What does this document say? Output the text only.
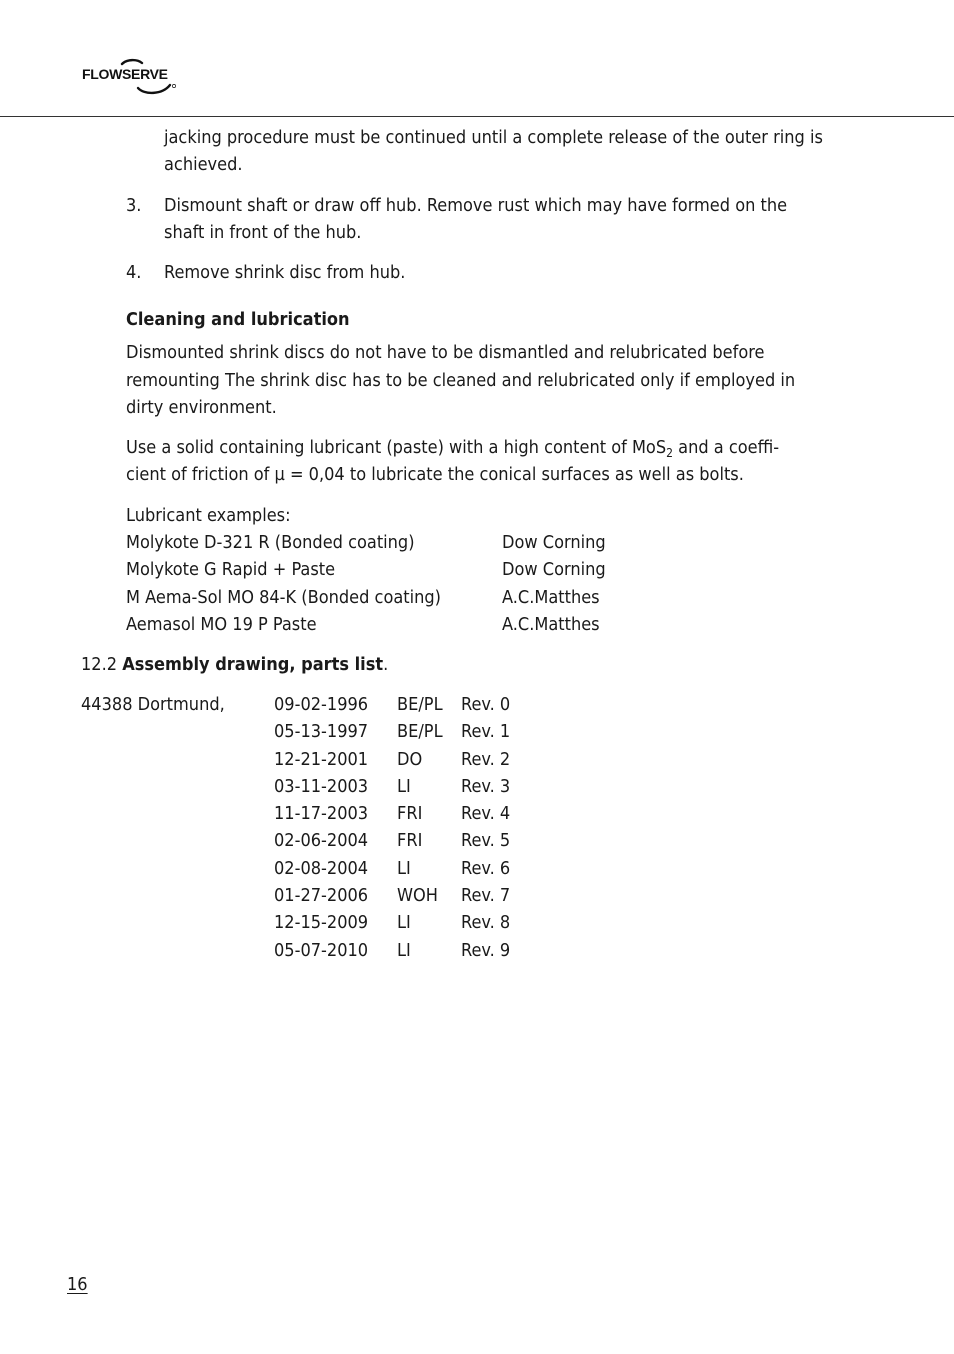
FLOWSERVE
jacking procedure must be continued until a complete release of the outer ring is
achieved.
3. Dismount shaft or draw off hub. Remove rust which may have formed on the
shaft in front of the hub.
4. Remove shrink disc from hub.
Cleaning and lubrication
Dismounted shrink discs do not have to be dismantled and relubricated before
remounting The shrink disc has to be cleaned and relubricated only if employed in
dirty environment.
Use a solid containing lubricant (paste) with a high content of MoS$_2$ and a coeffi-
cient of friction of µ = 0,04 to lubricate the conical surfaces as well as bolts.
Lubricant examples:
Molykote D-321 R (Bonded coating)
Molykote G Rapid + Paste
M Aema-Sol MO 84-K (Bonded coating)
Aemasol MO 19 P Paste
Dow Corning
Dow Corning
A.C.Matthes
A.C.Matthes
12.2 Assembly drawing, parts list.
44388 Dortmund,	09-02-1996
05-13-1997
12-21-2001
03-11-2003
11-17-2003
02-06-2004
02-08-2004
01-27-2006
12-15-2009
05-07-2010
BE/PL
BE/PL
DO
LI
FRI
FRI
LI
WOH
LI
LI
Rev. 0
Rev. 1
Rev. 2
Rev. 3
Rev. 4
Rev. 5
Rev. 6
Rev. 7
Rev. 8
Rev. 9
16
